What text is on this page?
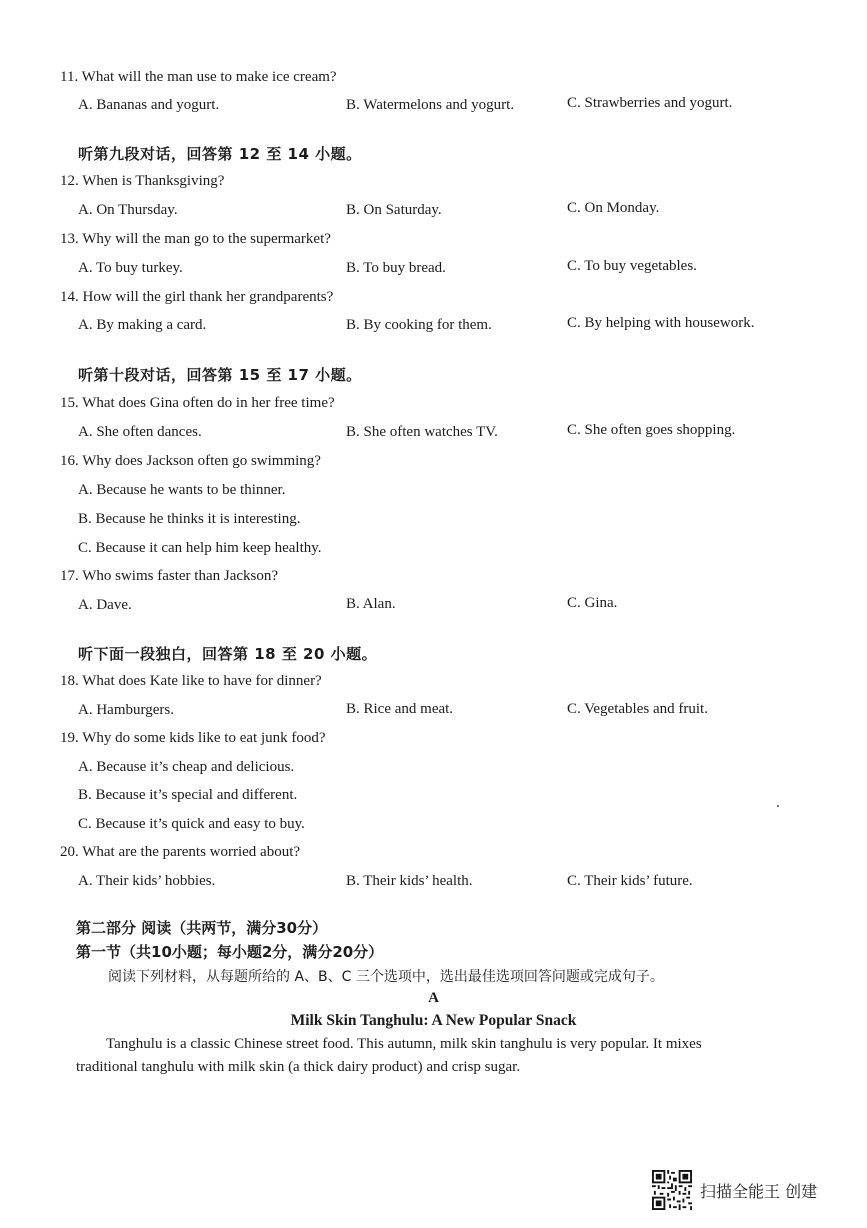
11. What will the man use to make ice cream?
A. Bananas and yogurt.	B. Watermelons and yogurt.	C. Strawberries and yogurt.
听第九段对话，回答第 12 至 14 小题。
12. When is Thanksgiving?
A. On Thursday.	B. On Saturday.	C. On Monday.
13. Why will the man go to the supermarket?
A. To buy turkey.	B. To buy bread.	C. To buy vegetables.
14. How will the girl thank her grandparents?
A. By making a card.	B. By cooking for them.	C. By helping with housework.
听第十段对话，回答第 15 至 17 小题。
15. What does Gina often do in her free time?
A. She often dances.	B. She often watches TV.	C. She often goes shopping.
16. Why does Jackson often go swimming?
A. Because he wants to be thinner.
B. Because he thinks it is interesting.
C. Because it can help him keep healthy.
17. Who swims faster than Jackson?
A. Dave.	B. Alan.	C. Gina.
听下面一段独白，回答第 18 至 20 小题。
18. What does Kate like to have for dinner?
A. Hamburgers.	B. Rice and meat.	C. Vegetables and fruit.
19. Why do some kids like to eat junk food?
A. Because it’s cheap and delicious.
B. Because it’s special and different.
C. Because it’s quick and easy to buy.
20. What are the parents worried about?
A. Their kids’ hobbies.	B. Their kids’ health.	C. Their kids’ future.
第二部分 阅读（共两节，满分30分）
第一节（共10小题；每小题2分，满分20分）
阅读下列材料，从每题所给的 A、B、C 三个选项中，选出最佳选项回答问题或完成句子。
A
Milk Skin Tanghulu: A New Popular Snack
Tanghulu is a classic Chinese street food. This autumn, milk skin tanghulu is very popular. It mixes traditional tanghulu with milk skin (a thick dairy product) and crisp sugar.
扫描全能王 创建
